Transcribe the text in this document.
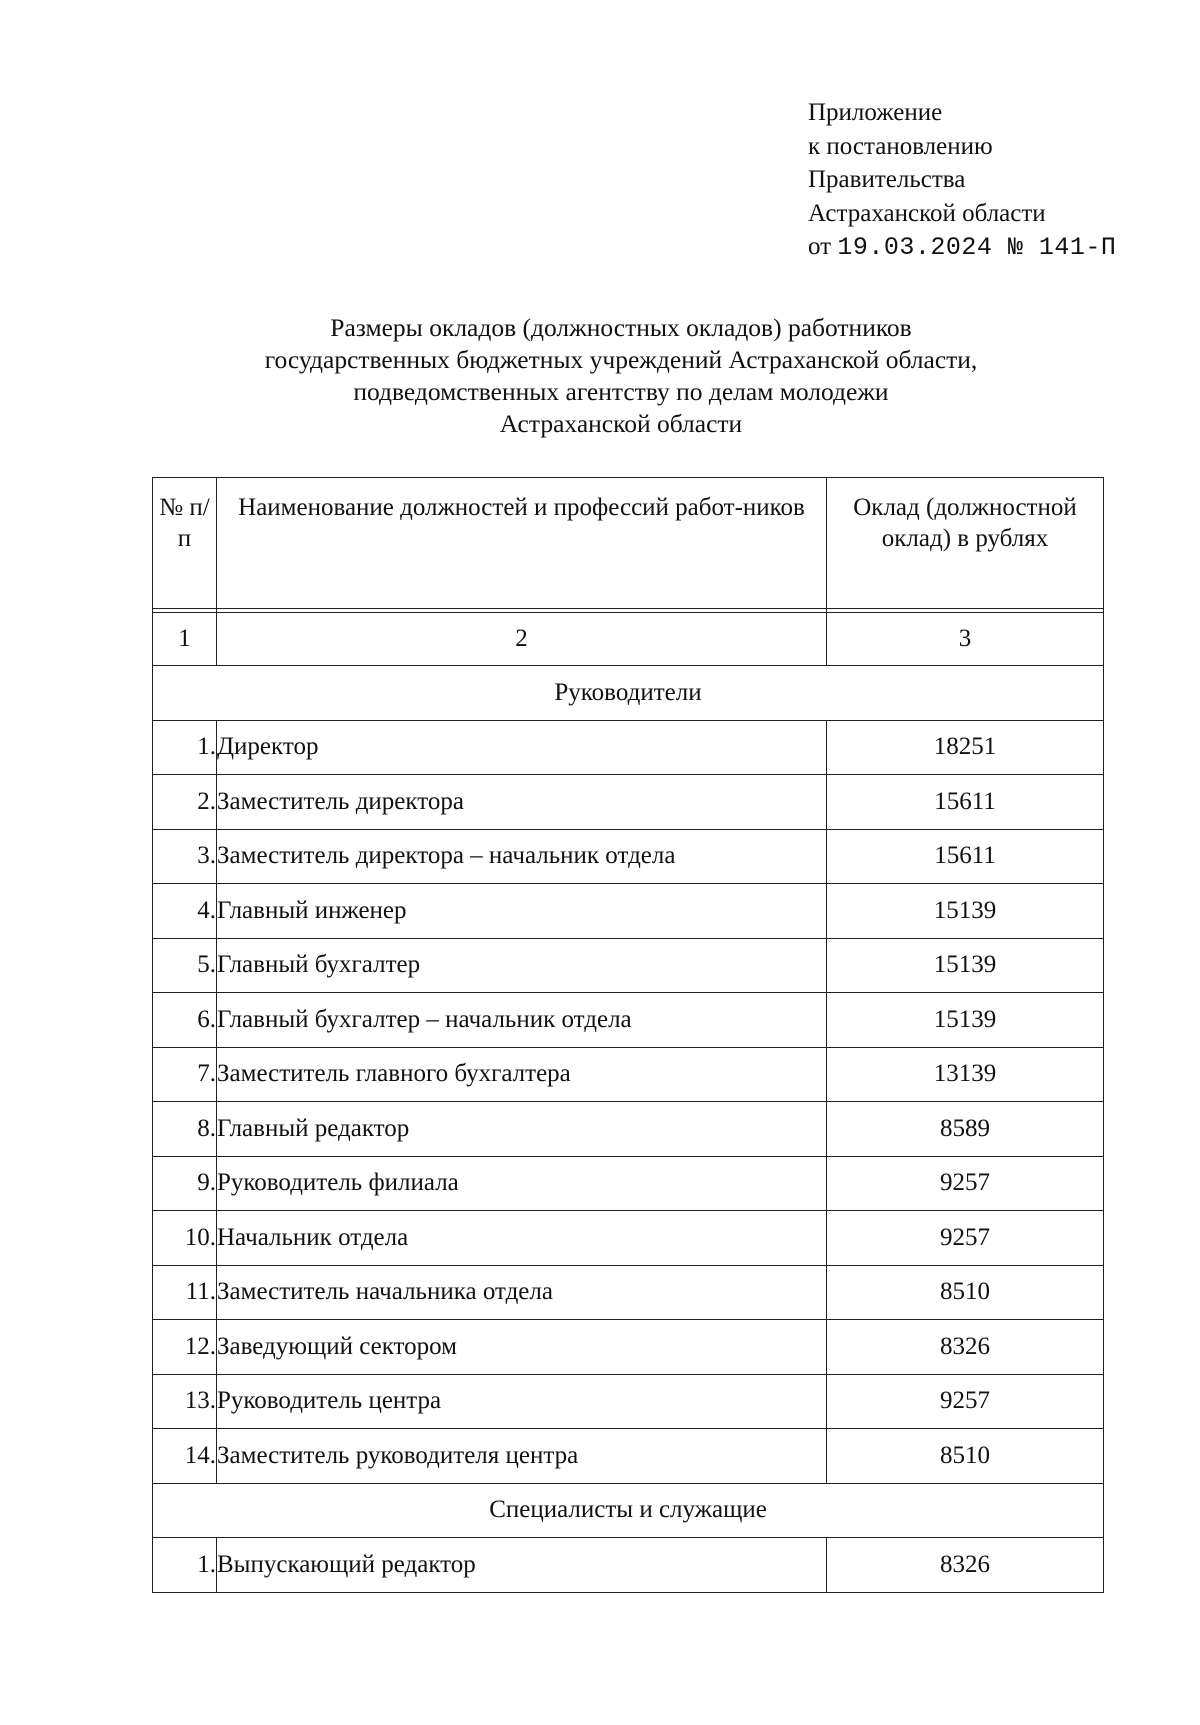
Приложение
к постановлению
Правительства
Астраханской области
от 19.03.2024 № 141-П
Размеры окладов (должностных окладов) работников
государственных бюджетных учреждений Астраханской области,
подведомственных агентству по делам молодежи
Астраханской области
№ п/п	Наименование должностей и профессий работ-ников	Оклад (должностной оклад) в рублях

1	2	3
Руководители		
1.	Директор	18251
2.	Заместитель директора	15611
3.	Заместитель директора – начальник отдела	15611
4.	Главный инженер	15139
5.	Главный бухгалтер	15139
6.	Главный бухгалтер – начальник отдела	15139
7.	Заместитель главного бухгалтера	13139
8.	Главный редактор	8589
9.	Руководитель филиала	9257
10.	Начальник отдела	9257
11.	Заместитель начальника отдела	8510
12.	Заведующий сектором	8326
13.	Руководитель центра	9257
14.	Заместитель руководителя центра	8510
Специалисты и служащие		
1.	Выпускающий редактор	8326
